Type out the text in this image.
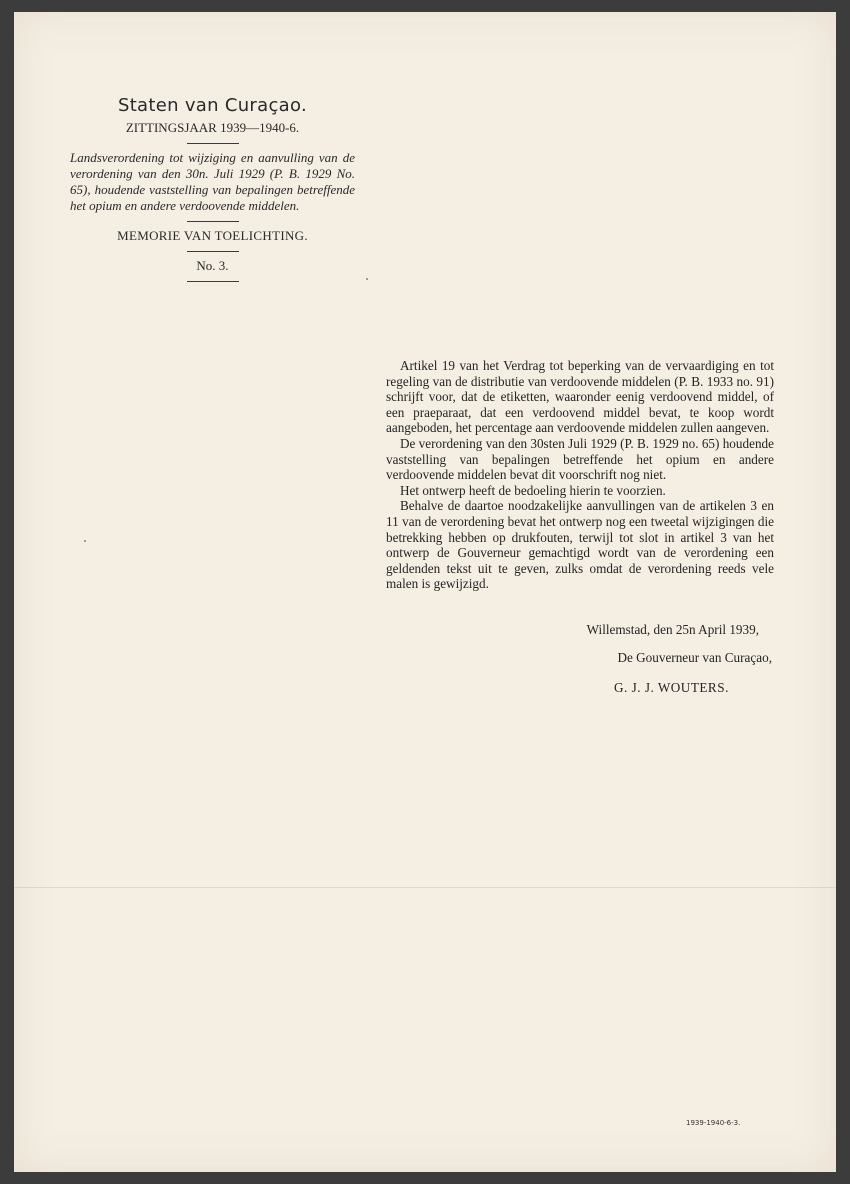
Staten van Curaçao.
ZITTINGSJAAR 1939—1940-6.
Landsverordening tot wijziging en aanvulling van de verordening van den 30n. Juli 1929 (P. B. 1929 No. 65), houdende vaststelling van bepalingen betreffende het opium en andere verdoovende middelen.
MEMORIE VAN TOELICHTING.
No. 3.

Artikel 19 van het Verdrag tot beperking van de vervaardiging en tot regeling van de distributie van verdoovende middelen (P. B. 1933 no. 91) schrijft voor, dat de etiketten, waaronder eenig verdoovend middel, of een praeparaat, dat een verdoovend middel bevat, te koop wordt aangeboden, het percentage aan verdoovende middelen zullen aangeven.

De verordening van den 30sten Juli 1929 (P. B. 1929 no. 65) houdende vaststelling van bepalingen betreffende het opium en andere verdoovende middelen bevat dit voorschrift nog niet.

Het ontwerp heeft de bedoeling hierin te voorzien.

Behalve de daartoe noodzakelijke aanvullingen van de artikelen 3 en 11 van de verordening bevat het ontwerp nog een tweetal wijzigingen die betrekking hebben op drukfouten, terwijl tot slot in artikel 3 van het ontwerp de Gouverneur gemachtigd wordt van de verordening een geldenden tekst uit te geven, zulks omdat de verordening reeds vele malen is gewijzigd.

Willemstad, den 25n April 1939,
De Gouverneur van Curaçao,
G. J. J. WOUTERS.
1939-1940-6-3.
